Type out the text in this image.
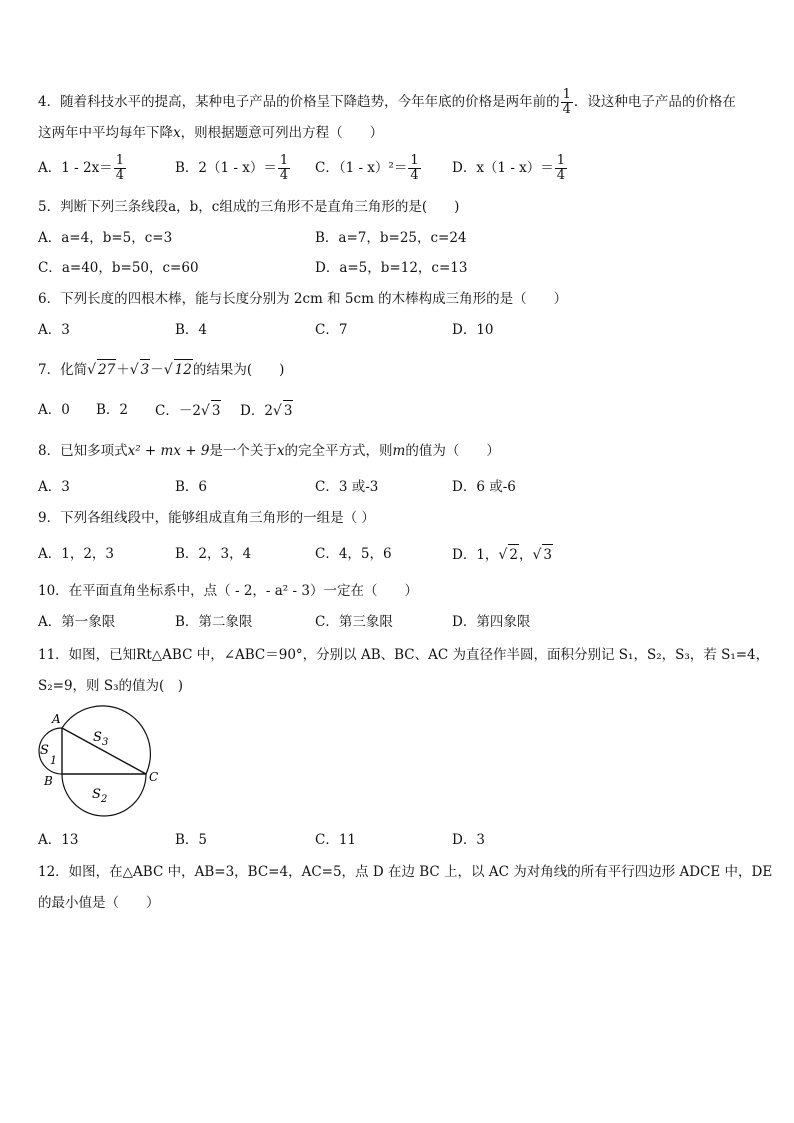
4．随着科技水平的提高，某种电子产品的价格呈下降趋势，今年年底的价格是两年前的 $\frac{1}{4}$ ．设这种电子产品的价格在
这两年中平均每年下降x，则根据题意可列出方程（　　）
A．$1 - 2x= \frac{1}{4}$	B．$2(1 - x)= \frac{1}{4}$ C．$(1 - x)^2= \frac{1}{4}$ D．$x(1 - x)= \frac{1}{4}$
5．判断下列三条线段a，b，c组成的三角形不是直角三角形的是(　　)
A．a=4，b=5，c=3	B．a=7，b=25，c=24
C．a=40，b=50，c=60	D．a=5，b=12，c=13
6．下列长度的四根木棒，能与长度分别为 2cm 和 5cm 的木棒构成三角形的是（　　）
A．3	B．4	C．7	D．10
7．化简√ 27＋√ 3－√ 12的结果为(　　)
A．0 B．2 C．－2√ 3 D．2√ 3
8．已知多项式x² + mx + 9是一个关于x的完全平方式，则m的值为（　　）
A．3	B．6	C．3 或-3	D．6 或-6
9．下列各组线段中，能够组成直角三角形的一组是（ ）
A．1，2，3	B．2，3，4	C．4，5，6	D．1，√ 2，√ 3
10．在平面直角坐标系中，点（ - 2，- a² - 3）一定在（　　）
A．第一象限	B．第二象限	C．第三象限	D．第四象限
11．如图，已知Rt△ABC 中，∠ABC＝90°，分别以 AB、BC、AC 为直径作半圆，面积分别记 S₁，S₂，S₃，若 S₁=4，
S₂=9，则 S₃的值为(　)
A
B	C
S 3
S
1
S 2
A．13	B．5	C．11	D．3
12．如图，在△ABC 中，AB=3，BC=4，AC=5，点 D 在边 BC 上，以 AC 为对角线的所有平行四边形 ADCE 中，DE
的最小值是（　　）
